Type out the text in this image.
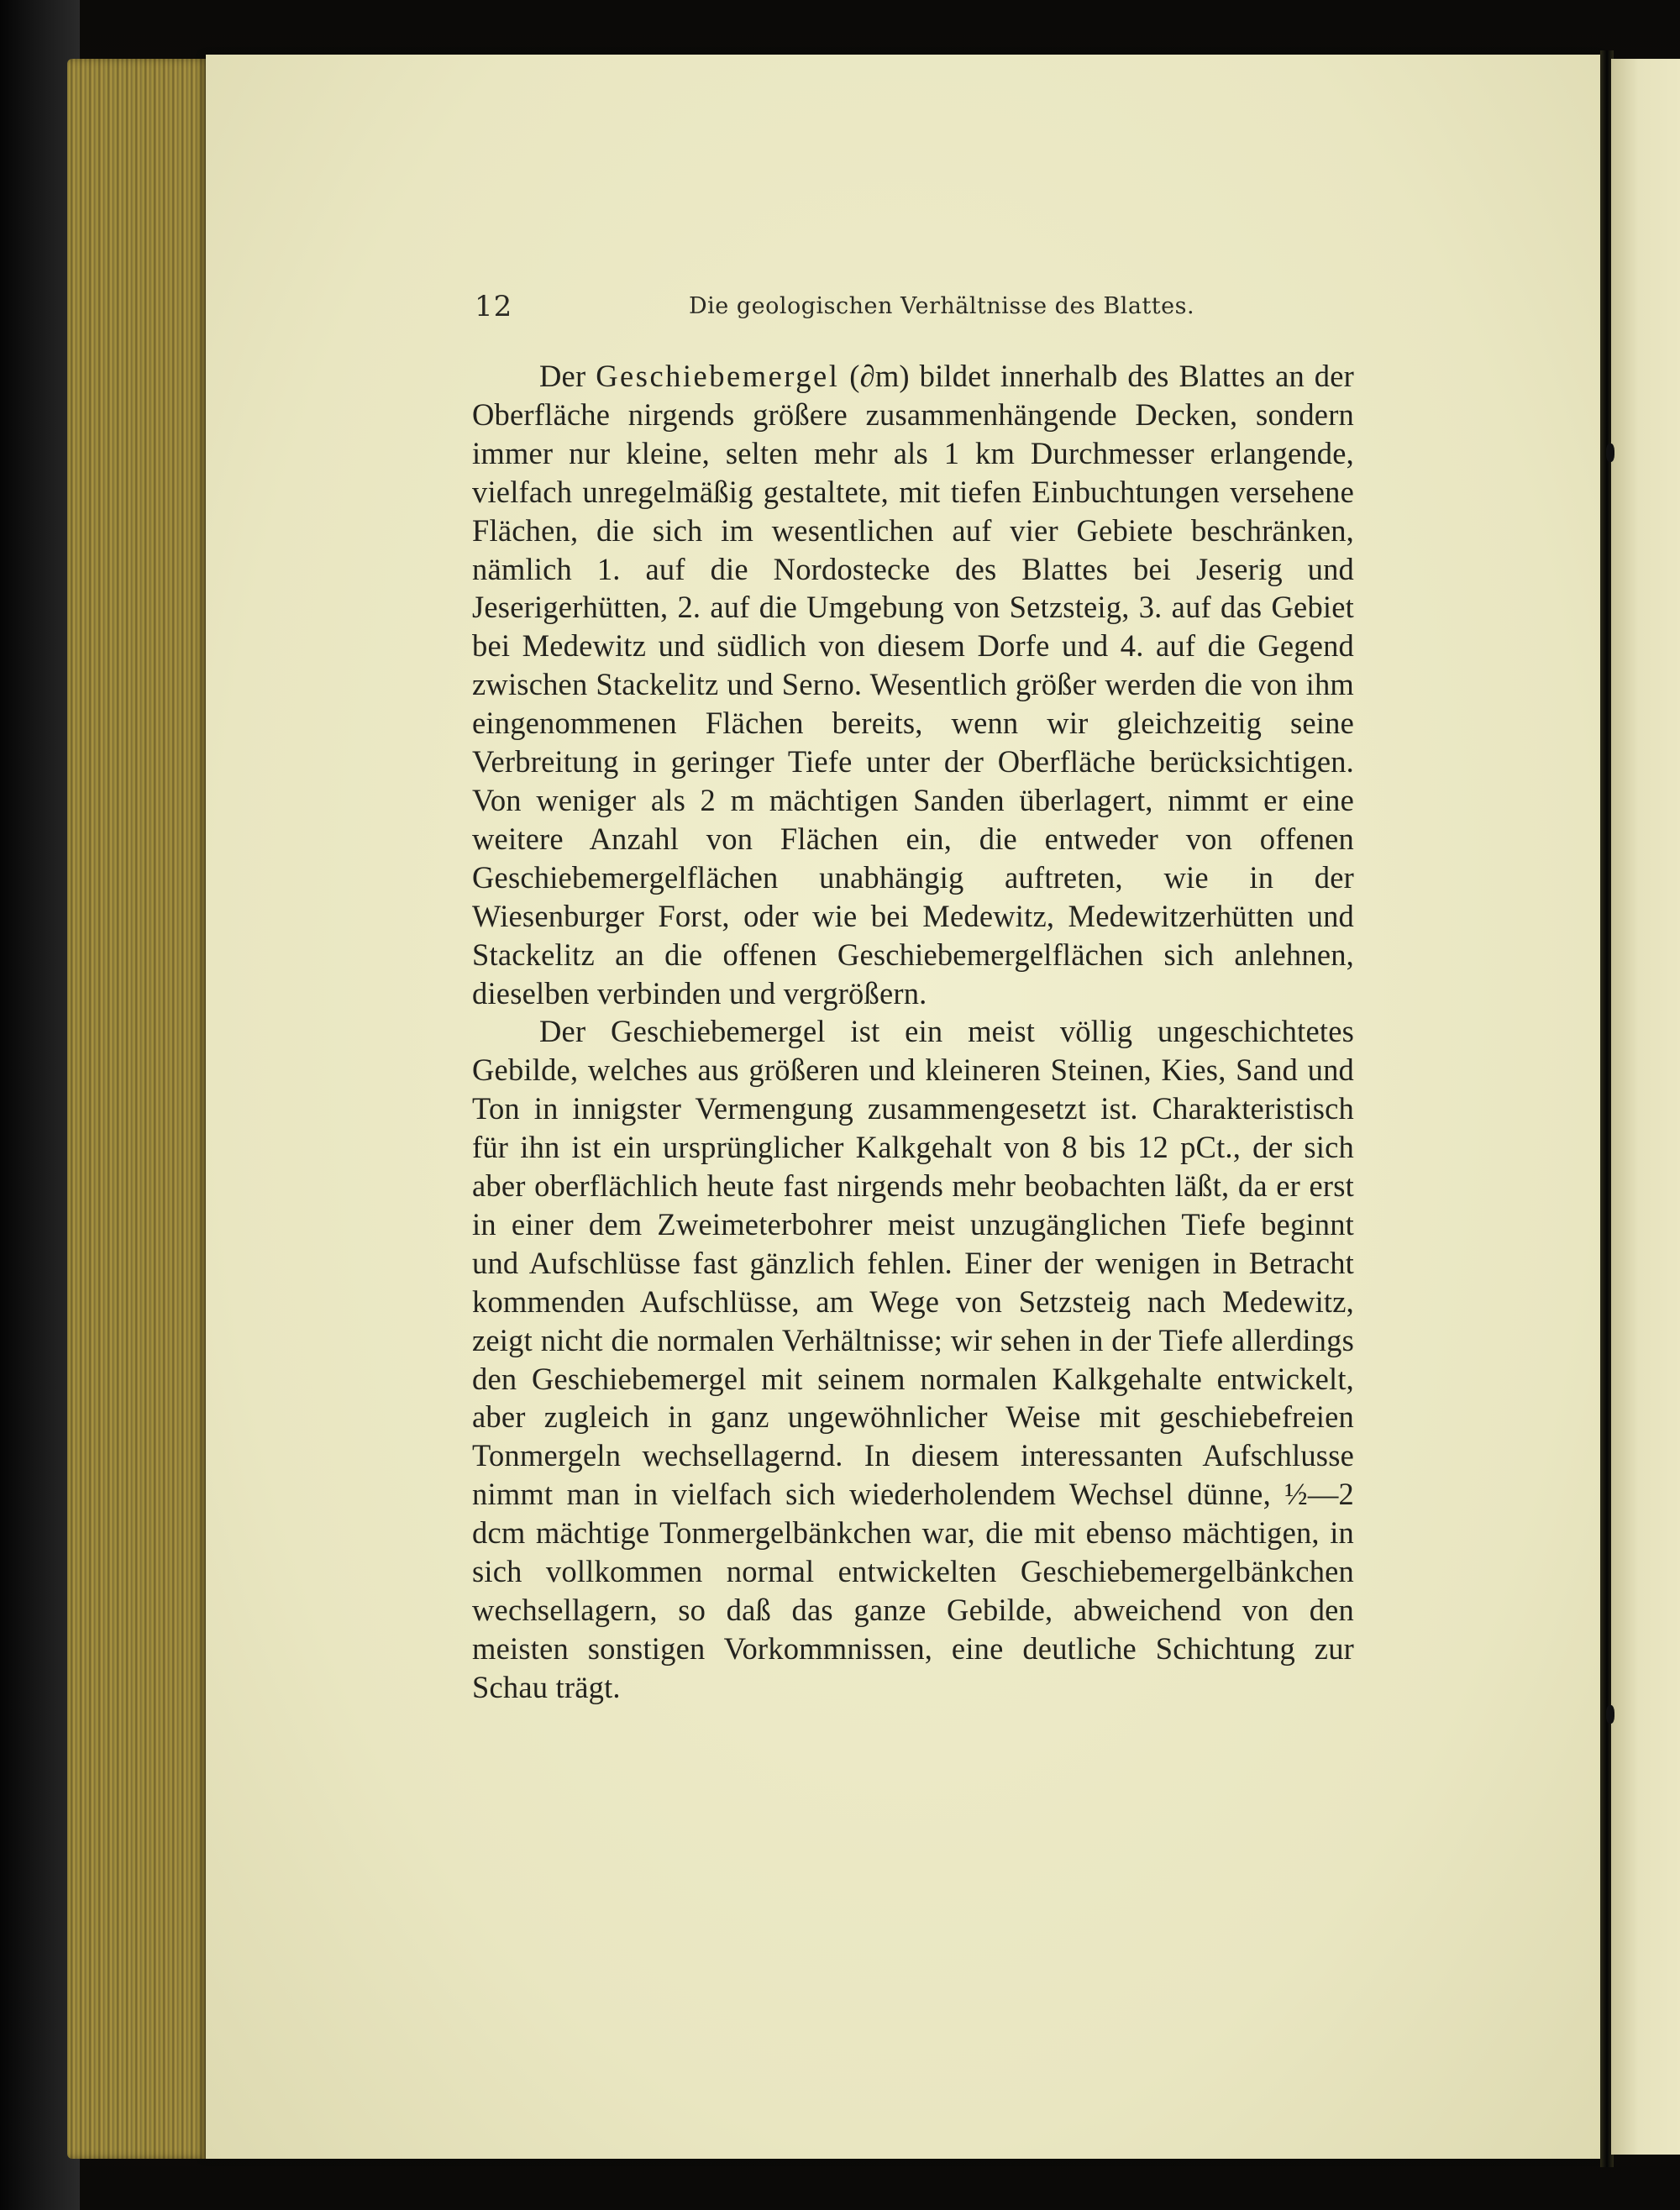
12	Die geologischen Verhältnisse des Blattes.

Der Geschiebemergel (∂m) bildet innerhalb des Blattes an der Oberfläche nirgends größere zusammenhängende Decken, sondern immer nur kleine, selten mehr als 1 km Durchmesser erlangende, vielfach unregelmäßig gestaltete, mit tiefen Einbuchtungen versehene Flächen, die sich im wesentlichen auf vier Gebiete beschränken, nämlich 1. auf die Nordostecke des Blattes bei Jeserig und Jeserigerhütten, 2. auf die Umgebung von Setzsteig, 3. auf das Gebiet bei Medewitz und südlich von diesem Dorfe und 4. auf die Gegend zwischen Stackelitz und Serno. Wesentlich größer werden die von ihm eingenommenen Flächen bereits, wenn wir gleichzeitig seine Verbreitung in geringer Tiefe unter der Oberfläche berücksichtigen. Von weniger als 2 m mächtigen Sanden überlagert, nimmt er eine weitere Anzahl von Flächen ein, die entweder von offenen Geschiebemergelflächen unabhängig auftreten, wie in der Wiesenburger Forst, oder wie bei Medewitz, Medewitzerhütten und Stackelitz an die offenen Geschiebemergelflächen sich anlehnen, dieselben verbinden und vergrößern.

Der Geschiebemergel ist ein meist völlig ungeschichtetes Gebilde, welches aus größeren und kleineren Steinen, Kies, Sand und Ton in innigster Vermengung zusammengesetzt ist. Charakteristisch für ihn ist ein ursprünglicher Kalkgehalt von 8 bis 12 pCt., der sich aber oberflächlich heute fast nirgends mehr beobachten läßt, da er erst in einer dem Zweimeterbohrer meist unzugänglichen Tiefe beginnt und Aufschlüsse fast gänzlich fehlen. Einer der wenigen in Betracht kommenden Aufschlüsse, am Wege von Setzsteig nach Medewitz, zeigt nicht die normalen Verhältnisse; wir sehen in der Tiefe allerdings den Geschiebemergel mit seinem normalen Kalkgehalte entwickelt, aber zugleich in ganz ungewöhnlicher Weise mit geschiebefreien Tonmergeln wechsellagernd. In diesem interessanten Aufschlusse nimmt man in vielfach sich wiederholendem Wechsel dünne, ½—2 dcm mächtige Tonmergelbänkchen war, die mit ebenso mächtigen, in sich vollkommen normal entwickelten Geschiebemergelbänkchen wechsellagern, so daß das ganze Gebilde, abweichend von den meisten sonstigen Vorkommnissen, eine deutliche Schichtung zur Schau trägt.
